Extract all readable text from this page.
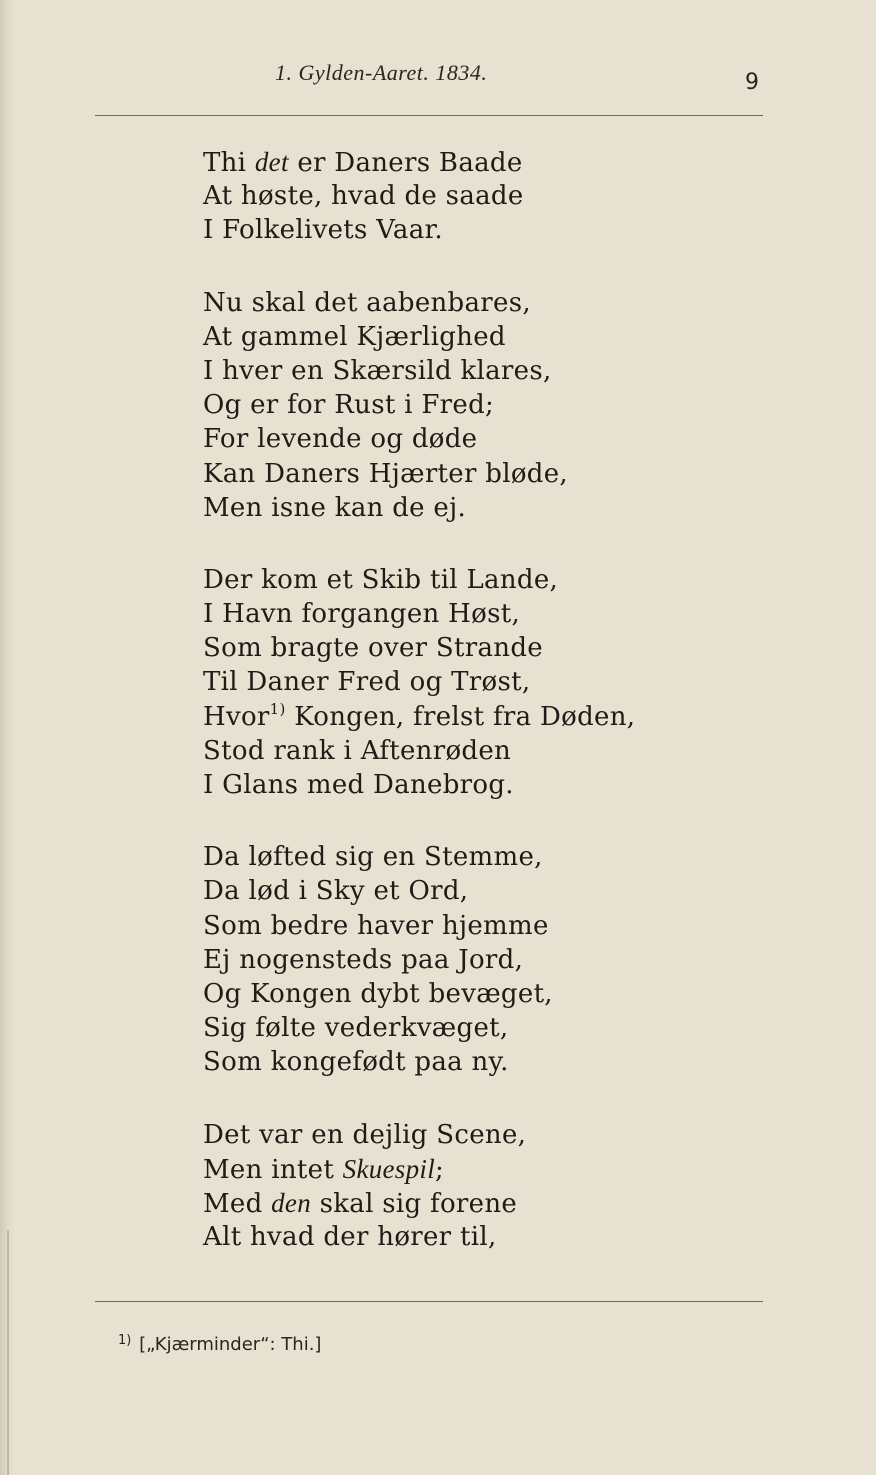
1. Gylden-Aaret. 1834.	9
Thi det er Daners Baade
At høste, hvad de saade
I Folkelivets Vaar.
Nu skal det aabenbares,
At gammel Kjærlighed
I hver en Skærsild klares,
Og er for Rust i Fred;
For levende og døde
Kan Daners Hjærter bløde,
Men isne kan de ej.
Der kom et Skib til Lande,
I Havn forgangen Høst,
Som bragte over Strande
Til Daner Fred og Trøst,
Hvor$^{1)}$ Kongen, frelst fra Døden,
Stod rank i Aftenrøden
I Glans med Danebrog.
Da løfted sig en Stemme,
Da lød i Sky et Ord,
Som bedre haver hjemme
Ej nogensteds paa Jord,
Og Kongen dybt bevæget,
Sig følte vederkvæget,
Som kongefødt paa ny.
Det var en dejlig Scene,
Men intet Skuespil;
Med den skal sig forene
Alt hvad der hører til,
$^{1)}$ [„Kjærminder“: Thi.]
